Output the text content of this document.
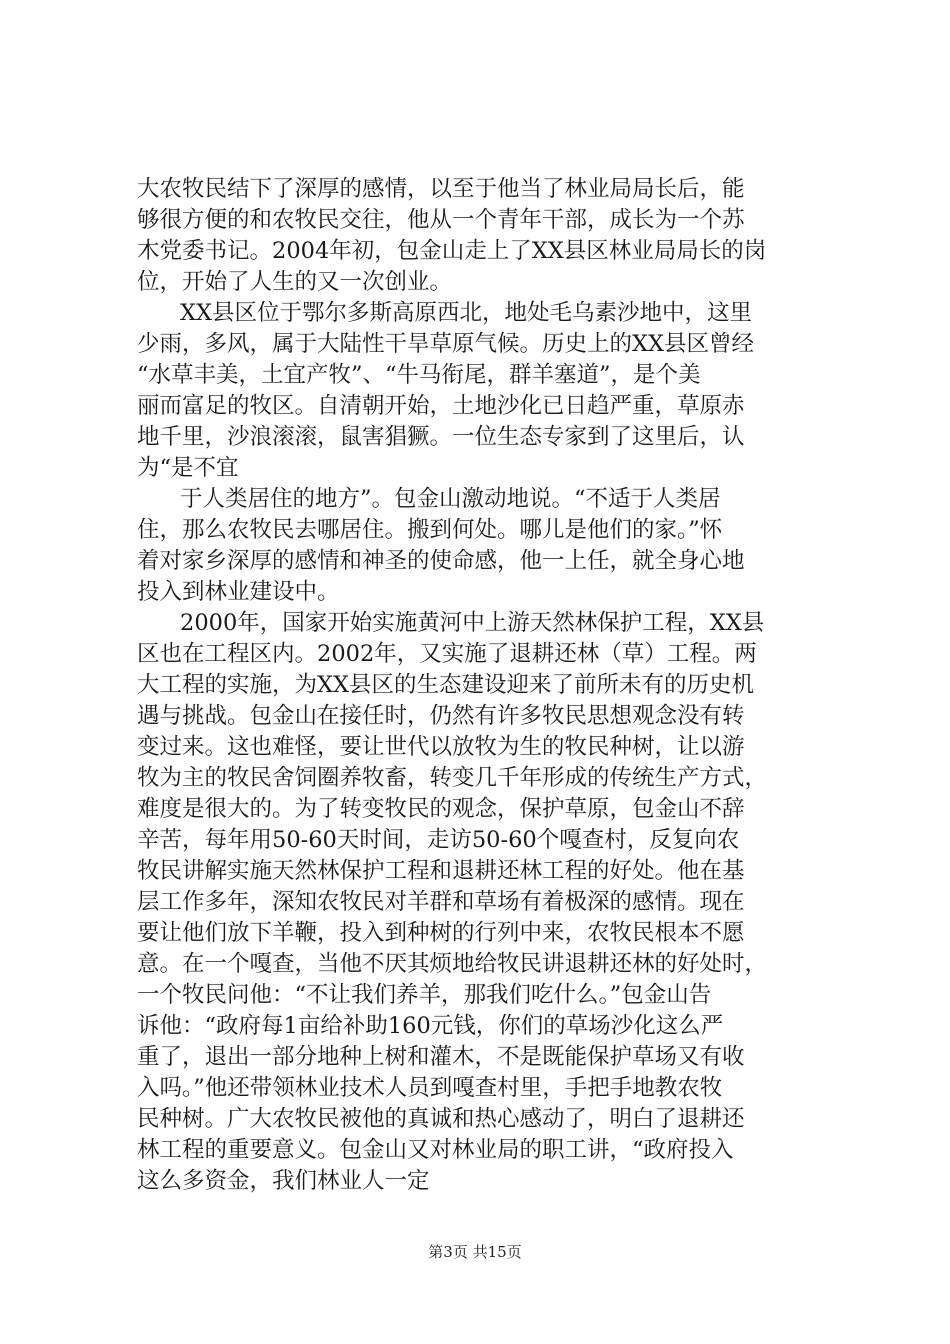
大农牧民结下了深厚的感情，以至于他当了林业局局长后，能
够很方便的和农牧民交往，他从一个青年干部，成长为一个苏
木党委书记。2004年初，包金山走上了XX县区林业局局长的岗
位，开始了人生的又一次创业。
XX县区位于鄂尔多斯高原西北，地处毛乌素沙地中，这里
少雨，多风，属于大陆性干旱草原气候。历史上的XX县区曾经
“水草丰美，土宜产牧”、“牛马衔尾，群羊塞道”，是个美
丽而富足的牧区。自清朝开始，土地沙化已日趋严重，草原赤
地千里，沙浪滚滚，鼠害猖獗。一位生态专家到了这里后，认
为“是不宜
于人类居住的地方”。包金山激动地说。“不适于人类居
住，那么农牧民去哪居住。搬到何处。哪儿是他们的家。”怀
着对家乡深厚的感情和神圣的使命感，他一上任，就全身心地
投入到林业建设中。
2000年，国家开始实施黄河中上游天然林保护工程，XX县
区也在工程区内。2002年，又实施了退耕还林（草）工程。两
大工程的实施，为XX县区的生态建设迎来了前所未有的历史机
遇与挑战。包金山在接任时，仍然有许多牧民思想观念没有转
变过来。这也难怪，要让世代以放牧为生的牧民种树，让以游
牧为主的牧民舍饲圈养牧畜，转变几千年形成的传统生产方式，
难度是很大的。为了转变牧民的观念，保护草原，包金山不辞
辛苦，每年用50-60天时间，走访50-60个嘎查村，反复向农
牧民讲解实施天然林保护工程和退耕还林工程的好处。他在基
层工作多年，深知农牧民对羊群和草场有着极深的感情。现在
要让他们放下羊鞭，投入到种树的行列中来，农牧民根本不愿
意。在一个嘎查，当他不厌其烦地给牧民讲退耕还林的好处时，
一个牧民问他：“不让我们养羊，那我们吃什么。”包金山告
诉他：“政府每1亩给补助160元钱，你们的草场沙化这么严
重了，退出一部分地种上树和灌木，不是既能保护草场又有收
入吗。”他还带领林业技术人员到嘎查村里，手把手地教农牧
民种树。广大农牧民被他的真诚和热心感动了，明白了退耕还
林工程的重要意义。包金山又对林业局的职工讲，“政府投入
这么多资金，我们林业人一定
第3页 共15页
